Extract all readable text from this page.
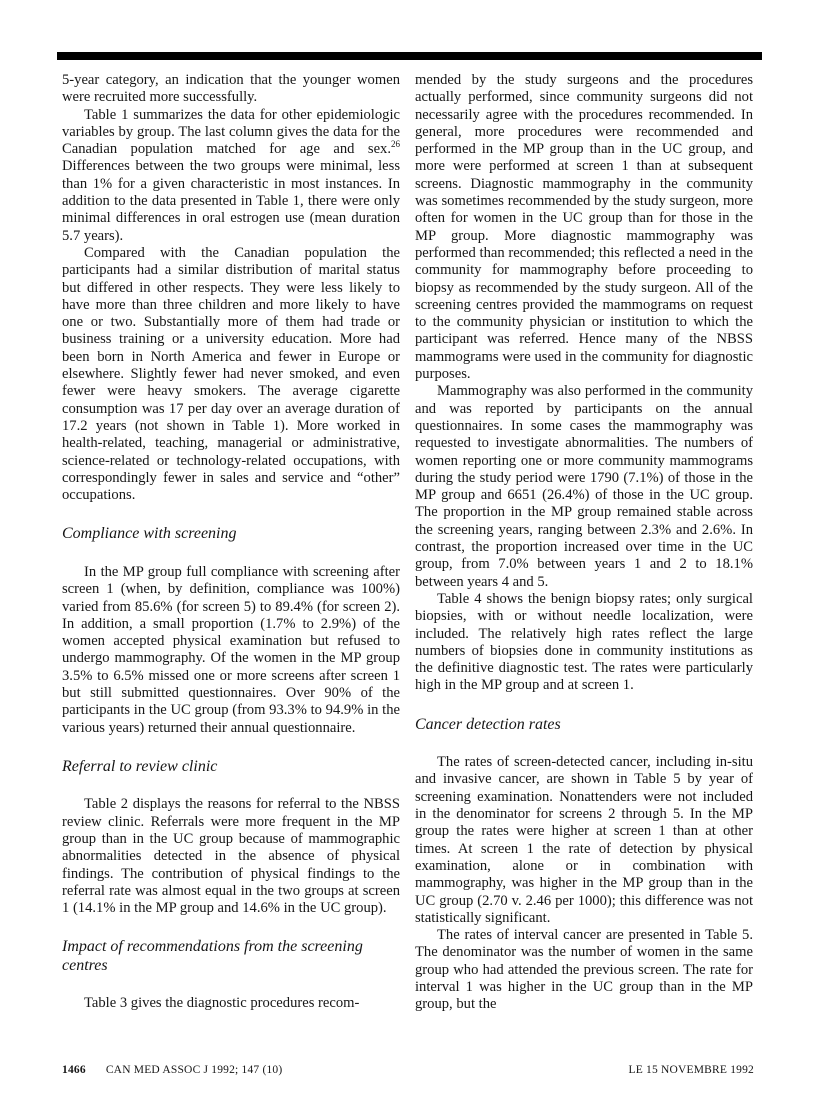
5-year category, an indication that the younger women were recruited more successfully.

Table 1 summarizes the data for other epidemiologic variables by group. The last column gives the data for the Canadian population matched for age and sex.$^{26}$ Differences between the two groups were minimal, less than 1% for a given characteristic in most instances. In addition to the data presented in Table 1, there were only minimal differences in oral estrogen use (mean duration 5.7 years).

Compared with the Canadian population the participants had a similar distribution of marital status but differed in other respects. They were less likely to have more than three children and more likely to have one or two. Substantially more of them had trade or business training or a university education. More had been born in North America and fewer in Europe or elsewhere. Slightly fewer had never smoked, and even fewer were heavy smokers. The average cigarette consumption was 17 per day over an average duration of 17.2 years (not shown in Table 1). More worked in health-related, teaching, managerial or administrative, science-related or technology-related occupations, with correspondingly fewer in sales and service and “other” occupations.

Compliance with screening

In the MP group full compliance with screening after screen 1 (when, by definition, compliance was 100%) varied from 85.6% (for screen 5) to 89.4% (for screen 2). In addition, a small proportion (1.7% to 2.9%) of the women accepted physical examination but refused to undergo mammography. Of the women in the MP group 3.5% to 6.5% missed one or more screens after screen 1 but still submitted questionnaires. Over 90% of the participants in the UC group (from 93.3% to 94.9% in the various years) returned their annual questionnaire.

Referral to review clinic

Table 2 displays the reasons for referral to the NBSS review clinic. Referrals were more frequent in the MP group than in the UC group because of mammographic abnormalities detected in the absence of physical findings. The contribution of physical findings to the referral rate was almost equal in the two groups at screen 1 (14.1% in the MP group and 14.6% in the UC group).

Impact of recommendations from the screening centres

Table 3 gives the diagnostic procedures recom-

mended by the study surgeons and the procedures actually performed, since community surgeons did not necessarily agree with the procedures recommended. In general, more procedures were recommended and performed in the MP group than in the UC group, and more were performed at screen 1 than at subsequent screens. Diagnostic mammography in the community was sometimes recommended by the study surgeon, more often for women in the UC group than for those in the MP group. More diagnostic mammography was performed than recommended; this reflected a need in the community for mammography before proceeding to biopsy as recommended by the study surgeon. All of the screening centres provided the mammograms on request to the community physician or institution to which the participant was referred. Hence many of the NBSS mammograms were used in the community for diagnostic purposes.

Mammography was also performed in the community and was reported by participants on the annual questionnaires. In some cases the mammography was requested to investigate abnormalities. The numbers of women reporting one or more community mammograms during the study period were 1790 (7.1%) of those in the MP group and 6651 (26.4%) of those in the UC group. The proportion in the MP group remained stable across the screening years, ranging between 2.3% and 2.6%. In contrast, the proportion increased over time in the UC group, from 7.0% between years 1 and 2 to 18.1% between years 4 and 5.

Table 4 shows the benign biopsy rates; only surgical biopsies, with or without needle localization, were included. The relatively high rates reflect the large numbers of biopsies done in community institutions as the definitive diagnostic test. The rates were particularly high in the MP group and at screen 1.

Cancer detection rates

The rates of screen-detected cancer, including in-situ and invasive cancer, are shown in Table 5 by year of screening examination. Nonattenders were not included in the denominator for screens 2 through 5. In the MP group the rates were higher at screen 1 than at other times. At screen 1 the rate of detection by physical examination, alone or in combination with mammography, was higher in the MP group than in the UC group (2.70 v. 2.46 per 1000); this difference was not statistically significant.

The rates of interval cancer are presented in Table 5. The denominator was the number of women in the same group who had attended the previous screen. The rate for interval 1 was higher in the UC group than in the MP group, but the

1466 CAN MED ASSOC J 1992; 147 (10)	LE 15 NOVEMBRE 1992
